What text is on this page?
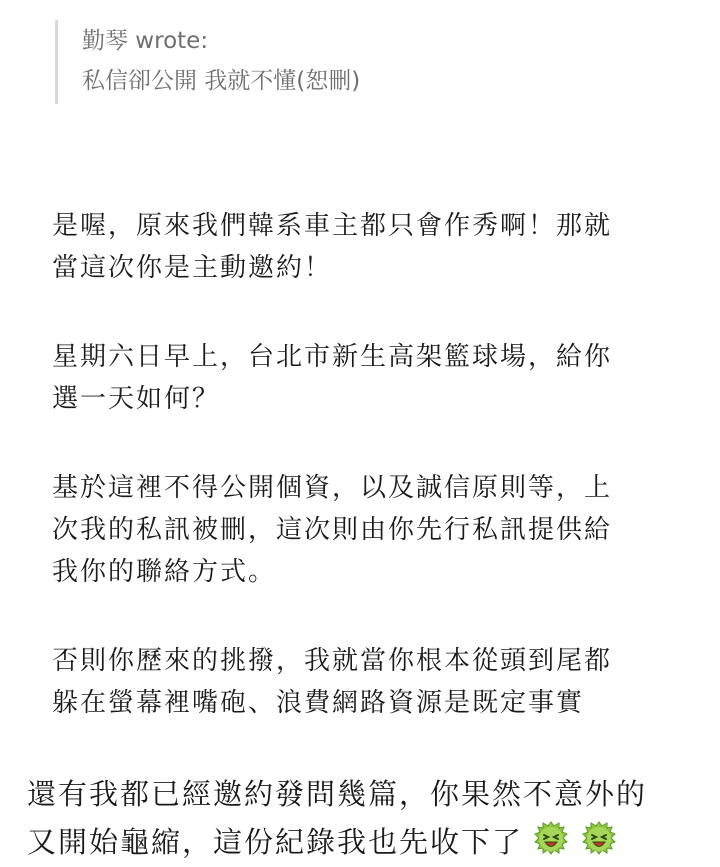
勤琴 wrote:
私信卻公開 我就不懂(恕刪)
是喔，原來我們韓系車主都只會作秀啊！那就
當這次你是主動邀約！
星期六日早上，台北市新生高架籃球場，給你
選一天如何？
基於這裡不得公開個資，以及誠信原則等，上
次我的私訊被刪，這次則由你先行私訊提供給
我你的聯絡方式。
否則你歷來的挑撥，我就當你根本從頭到尾都
躲在螢幕裡嘴砲、浪費網路資源是既定事實
還有我都已經邀約發問幾篇，你果然不意外的
又開始龜縮，這份紀錄我也先收下了
